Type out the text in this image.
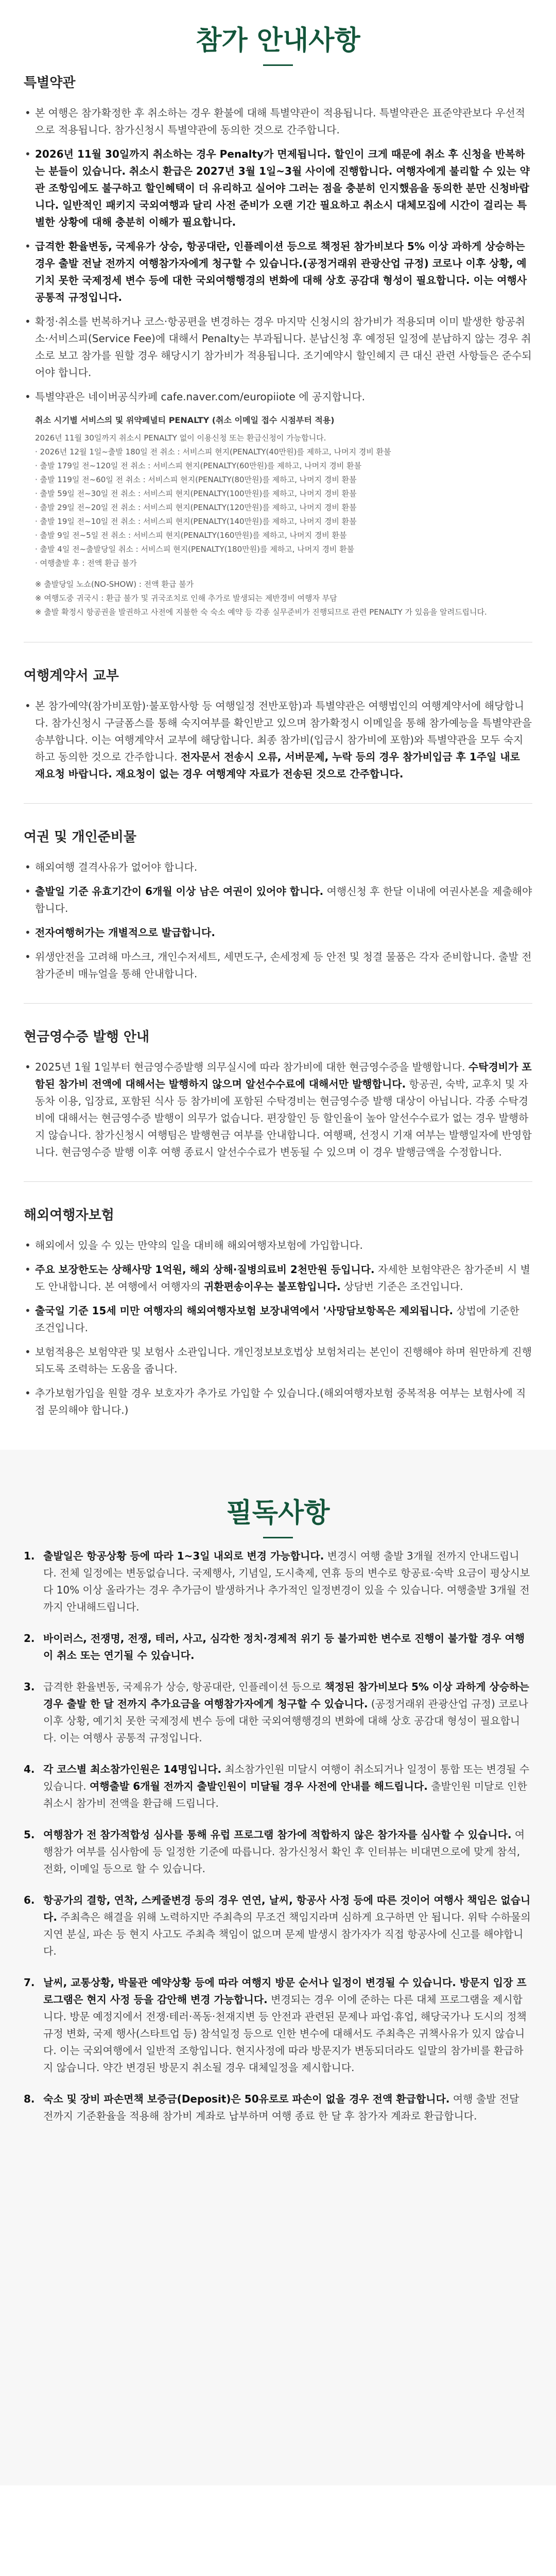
참가 안내사항
특별약관
• 본 여행은 참가확정한 후 취소하는 경우 환불에 대해 특별약관이 적용됩니다. 특별약관은 표준약관보다 우선적으로 적용됩니다. 참가신청시 특별약관에 동의한 것으로 간주합니다.
• 2026년 11월 30일까지 취소하는 경우 Penalty가 면제됩니다. 할인이 크게 때문에 취소 후 신청을 반복하는 분들이 있습니다. 취소시 환급은 2027년 3월 1일~3월 사이에 진행합니다. 여행자에게 불리할 수 있는 약관 조항임에도 불구하고 할인혜택이 더 유리하고 실어야 그러는 점을 충분히 인지했음을 동의한 분만 신청바랍니다. 일반적인 패키지 국외여행과 달리 사전 준비가 오랜 기간 필요하고 취소시 대체모집에 시간이 걸리는 특별한 상황에 대해 충분히 이해가 필요합니다.
• 급격한 환율변동, 국제유가 상승, 항공대란, 인플레이션 등으로 책정된 참가비보다 5% 이상 과하게 상승하는 경우 출발 전날 전까지 여행참가자에게 청구할 수 있습니다.(공정거래위 관광산업 규정) 코로나 이후 상황, 예기치 못한 국제정세 변수 등에 대한 국외여행행경의 변화에 대해 상호 공감대 형성이 필요합니다. 이는 여행사 공통적 규정입니다.
• 확정·취소를 번복하거나 코스·항공편을 변경하는 경우 마지막 신청시의 참가비가 적용되며 이미 발생한 항공취소·서비스피(Service Fee)에 대해서 Penalty는 부과됩니다. 분납신청 후 예정된 일정에 분납하지 않는 경우 취소로 보고 참가를 원할 경우 해당시기 참가비가 적용됩니다. 조기예약시 할인혜지 큰 대신 관련 사항들은 준수되어야 합니다.
• 특별약관은 네이버공식카페 cafe.naver.com/europiiote 에 공지합니다.
취소 시기별 서비스의 및 위약페녈티 PENALTY (취소 이메일 접수 시점부터 적용)
2026년 11월 30일까지 취소시 PENALTY 없이 이용신청 또는 환급신청이 가능합니다.
· 2026년 12월 1일~출발 180일 전 취소 : 서비스피 현지(PENALTY(40만원)를 제하고, 나머지 경비 환불
· 출발 179일 전~120일 전 취소 : 서비스피 현지(PENALTY(60만원)를 제하고, 나머지 경비 환불
· 출발 119일 전~60일 전 취소 : 서비스피 현지(PENALTY(80만원)를 제하고, 나머지 경비 환불
· 출발 59일 전~30일 전 취소 : 서비스피 현지(PENALTY(100만원)를 제하고, 나머지 경비 환불
· 출발 29일 전~20일 전 취소 : 서비스피 현지(PENALTY(120만원)를 제하고, 나머지 경비 환불
· 출발 19일 전~10일 전 취소 : 서비스피 현지(PENALTY(140만원)를 제하고, 나머지 경비 환불
· 출발 9일 전~5일 전 취소 : 서비스피 현지(PENALTY(160만원)를 제하고, 나머지 경비 환불
· 출발 4일 전~출발당일 취소 : 서비스피 현지(PENALTY(180만원)를 제하고, 나머지 경비 환불
· 여행출발 후 : 전액 환급 불가
※ 출발당일 노쇼(NO-SHOW) : 전액 환급 불가
※ 여행도중 귀국시 : 환급 불가 및 귀국조치로 인해 추가로 발생되는 제반경비 여행자 부담
※ 출발 확정시 항공권을 발권하고 사전에 지불한 숙 숙소 예약 등 각종 실무준비가 진행되므로 관련 PENALTY 가 있음을 알려드립니다.
여행계약서 교부
• 본 참가예약(참가비포함)·불포함사항 등 여행일정 전반포함)과 특별약관은 여행법인의 여행계약서에 해당합니다. 참가신청시 구글폼스를 통해 숙지여부를 확인받고 있으며 참가확정시 이메일을 통해 참가예능을 특별약관을 송부합니다. 이는 여행계약서 교부에 해당합니다. 최종 참가비(입금시 참가비에 포함)와 특별약관을 모두 숙지하고 동의한 것으로 간주합니다. 전자문서 전송시 오류, 서버문제, 누락 등의 경우 참가비입금 후 1주일 내로 재요청 바랍니다. 재요청이 없는 경우 여행계약 자료가 전송된 것으로 간주합니다.
여권 및 개인준비물
• 해외여행 결격사유가 없어야 합니다.
• 출발일 기준 유효기간이 6개월 이상 남은 여권이 있어야 합니다. 여행신청 후 한달 이내에 여권사본을 제출해야 합니다.
• 전자여행허가는 개별적으로 발급합니다.
• 위생안전을 고려해 마스크, 개인수저세트, 세면도구, 손세정제 등 안전 및 청결 물품은 각자 준비합니다. 출발 전 참가준비 매뉴얼을 통해 안내합니다.
현금영수증 발행 안내
• 2025년 1월 1일부터 현금영수증발행 의무실시에 따라 참가비에 대한 현금영수증을 발행합니다. 수탁경비가 포함된 참가비 전액에 대해서는 발행하지 않으며 알선수수료에 대해서만 발행합니다. 항공권, 숙박, 교후치 및 자동차 이용, 입장료, 포함된 식사 등 참가비에 포함된 수탁경비는 현금영수증 발행 대상이 아닙니다. 각종 수탁경비에 대해서는 현금영수증 발행이 의무가 없습니다. 편장할인 등 할인율이 높아 알선수수료가 없는 경우 발행하지 않습니다. 참가신청시 여행팀은 발행현금 여부를 안내합니다. 여행팩, 선정시 기재 여부는 발행일자에 반영합니다. 현금영수증 발행 이후 여행 종료시 알선수수료가 변동될 수 있으며 이 경우 발행금액을 수정합니다.
해외여행자보험
• 해외에서 있을 수 있는 만약의 일을 대비해 해외여행자보험에 가입합니다.
• 주요 보장한도는 상해사망 1억원, 해외 상해·질병의료비 2천만원 등입니다. 자세한 보험약관은 참가준비 시 별도 안내합니다. 본 여행에서 여행자의 귀환편송이우는 불포함입니다. 상담번 기준은 조건입니다.
• 출국일 기준 15세 미만 여행자의 해외여행자보험 보장내역에서 '사망담보항목은 제외됩니다. 상법에 기준한 조건입니다.
• 보험적용은 보험약관 및 보험사 소관입니다. 개인정보보호법상 보험처리는 본인이 진행해야 하며 원만하게 진행되도록 조력하는 도움을 줍니다.
• 추가보험가입을 원할 경우 보호자가 추가로 가입할 수 있습니다.(해외여행자보험 중복적용 여부는 보험사에 직접 문의해야 합니다.)
필독사항
1. 출발일은 항공상황 등에 따라 1~3일 내외로 변경 가능합니다. 변경시 여행 출발 3개월 전까지 안내드립니다. 전체 일정에는 변동없습니다. 국제행사, 기념일, 도시축제, 연휴 등의 변수로 항공료·숙박 요금이 평상시보다 10% 이상 올라가는 경우 추가금이 발생하거나 추가적인 일정변경이 있을 수 있습니다. 여행출발 3개월 전까지 안내해드립니다.
2. 바이러스, 전쟁명, 전쟁, 테러, 사고, 심각한 정치·경제적 위기 등 불가피한 변수로 진행이 불가할 경우 여행이 취소 또는 연기될 수 있습니다.
3. 급격한 환율변동, 국제유가 상승, 항공대란, 인플레이션 등으로 책정된 참가비보다 5% 이상 과하게 상승하는 경우 출발 한 달 전까지 추가요금을 여행참가자에게 청구할 수 있습니다. (공정거래위 관광산업 규정) 코로나 이후 상황, 예기치 못한 국제정세 변수 등에 대한 국외여행행경의 변화에 대해 상호 공감대 형성이 필요합니다. 이는 여행사 공통적 규정입니다.
4. 각 코스별 최소참가인원은 14명입니다. 최소참가인원 미달시 여행이 취소되거나 일정이 통합 또는 변경될 수 있습니다. 여행출발 6개월 전까지 출발인원이 미달될 경우 사전에 안내를 해드립니다. 출발인원 미달로 인한 취소시 참가비 전액을 환급해 드립니다.
5. 여행참가 전 참가적합성 심사를 통해 유럽 프로그램 참가에 적합하지 않은 참가자를 심사할 수 있습니다. 여행참가 여부를 심사함에 등 일정한 기준에 따릅니다. 참가신청서 확인 후 인터뷰는 비대면으로에 맞게 참석, 전화, 이메일 등으로 할 수 있습니다.
6. 항공가의 결항, 연착, 스케줄변경 등의 경우 연연, 날씨, 항공사 사정 등에 따른 것이어 여행사 책임은 없습니다. 주최측은 해결을 위해 노력하지만 주최측의 무조건 책임지라며 심하게 요구하면 안 됩니다. 위탁 수하물의 지연 분실, 파손 등 현지 사고도 주최측 책임이 없으며 문제 발생시 참가자가 직접 항공사에 신고를 해야합니다.
7. 날씨, 교통상황, 박물관 예약상황 등에 따라 여행지 방문 순서나 일정이 변경될 수 있습니다. 방문지 입장 프로그램은 현지 사정 등을 감안해 변경 가능합니다. 변경되는 경우 이에 준하는 다른 대체 프로그램을 제시합니다. 방문 예정지에서 전쟁·테러·폭동·천재지변 등 안전과 관련된 문제나 파업·휴업, 해당국가나 도시의 정책 규정 변화, 국제 행사(스타트업 등) 참석일정 등으로 인한 변수에 대해서도 주최측은 귀책사유가 있지 않습니다. 이는 국외여행에서 일반적 조항입니다. 현지사정에 따라 방문지가 변동되더라도 일말의 참가비를 환급하지 않습니다. 약간 변경된 방문지 취소될 경우 대체일정을 제시합니다.
8. 숙소 및 장비 파손면책 보증금(Deposit)은 50유로로 파손이 없을 경우 전액 환급합니다. 여행 출발 전달 전까지 기준환율을 적용해 참가비 계좌로 납부하며 여행 종료 한 달 후 참가자 계좌로 환급합니다.
